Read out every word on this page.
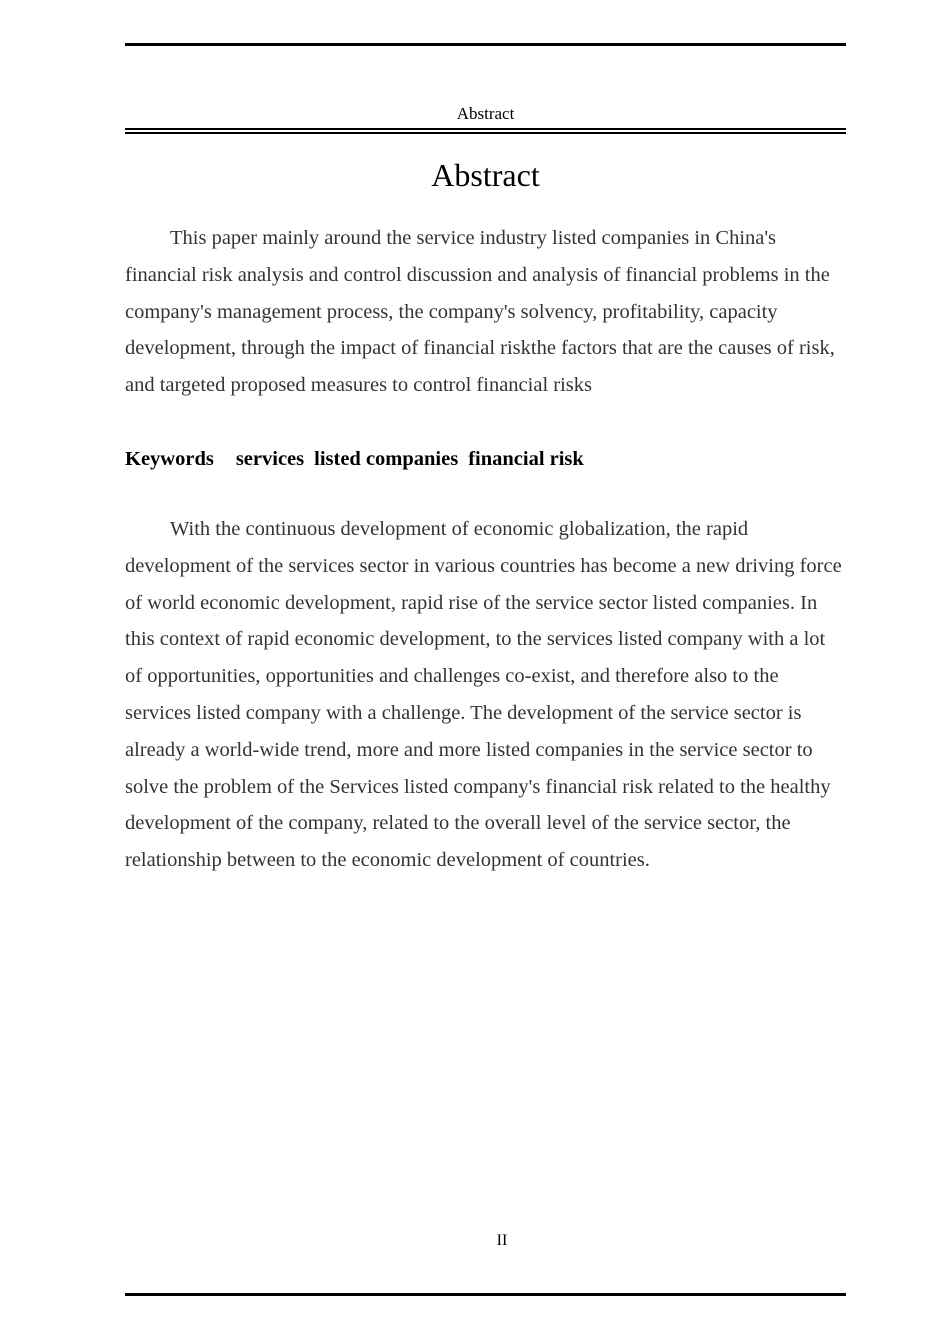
Abstract
Abstract

This paper mainly around the service industry listed companies in China's financial risk analysis and control discussion and analysis of financial problems in the company's management process, the company's solvency, profitability, capacity development, through the impact of financial riskthe factors that are the causes of risk, and targeted proposed measures to control financial risks

Keywords services listed companies financial risk

With the continuous development of economic globalization, the rapid development of the services sector in various countries has become a new driving force of world economic development, rapid rise of the service sector listed companies. In this context of rapid economic development, to the services listed company with a lot of opportunities, opportunities and challenges co-exist, and therefore also to the services listed company with a challenge. The development of the service sector is already a world-wide trend, more and more listed companies in the service sector to solve the problem of the Services listed company's financial risk related to the healthy development of the company, related to the overall level of the service sector, the relationship between to the economic development of countries.

II
